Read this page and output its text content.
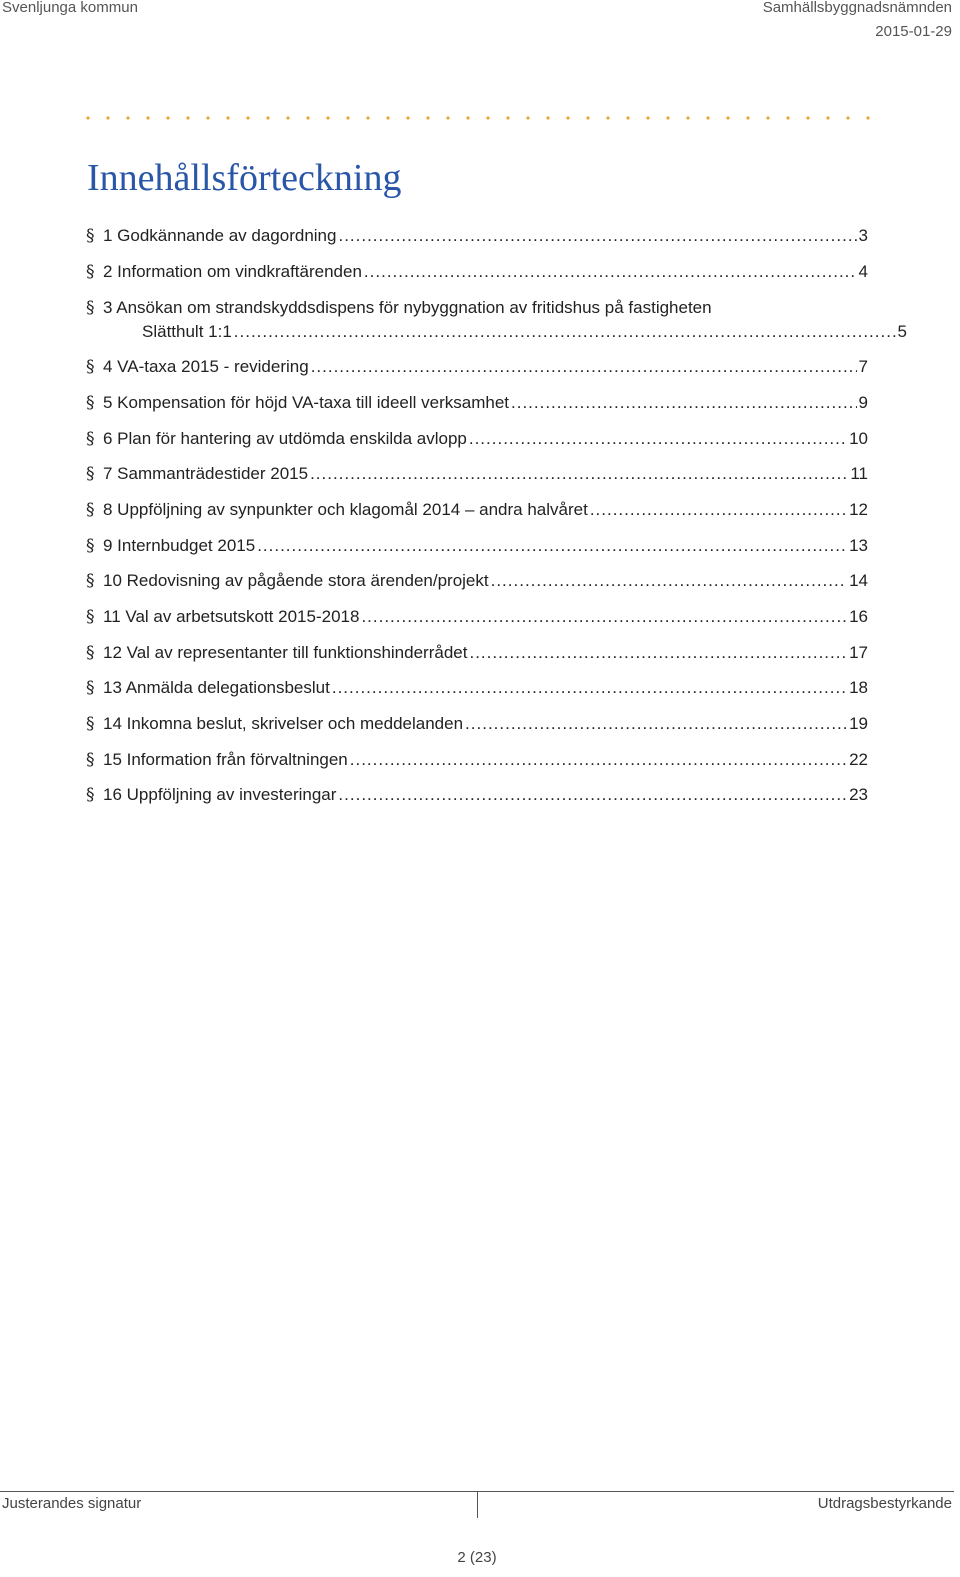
Svenljunga kommun	Samhällsbyggnadsnämnden
2015-01-29
Innehållsförteckning
§ 1 Godkännande av dagordning .....	3
§ 2 Information om vindkraftärenden .....	4
§ 3 Ansökan om strandskyddsdispens för nybyggnation av fritidshus på fastigheten
Slätthult 1:1 .....	5
§ 4 VA-taxa 2015 - revidering .....	7
§ 5 Kompensation för höjd VA-taxa till ideell verksamhet .....	9
§ 6 Plan för hantering av utdömda enskilda avlopp .....	10
§ 7 Sammanträdestider 2015 .....	11
§ 8 Uppföljning av synpunkter och klagomål 2014 – andra halvåret .....	12
§ 9 Internbudget 2015 .....	13
§ 10 Redovisning av pågående stora ärenden/projekt .....	14
§ 11 Val av arbetsutskott 2015-2018 .....	16
§ 12 Val av representanter till funktionshinderrådet .....	17
§ 13 Anmälda delegationsbeslut .....	18
§ 14 Inkomna beslut, skrivelser och meddelanden .....	19
§ 15 Information från förvaltningen .....	22
§ 16 Uppföljning av investeringar .....	23
Justerandes signatur	Utdragsbestyrkande
2 (23)
